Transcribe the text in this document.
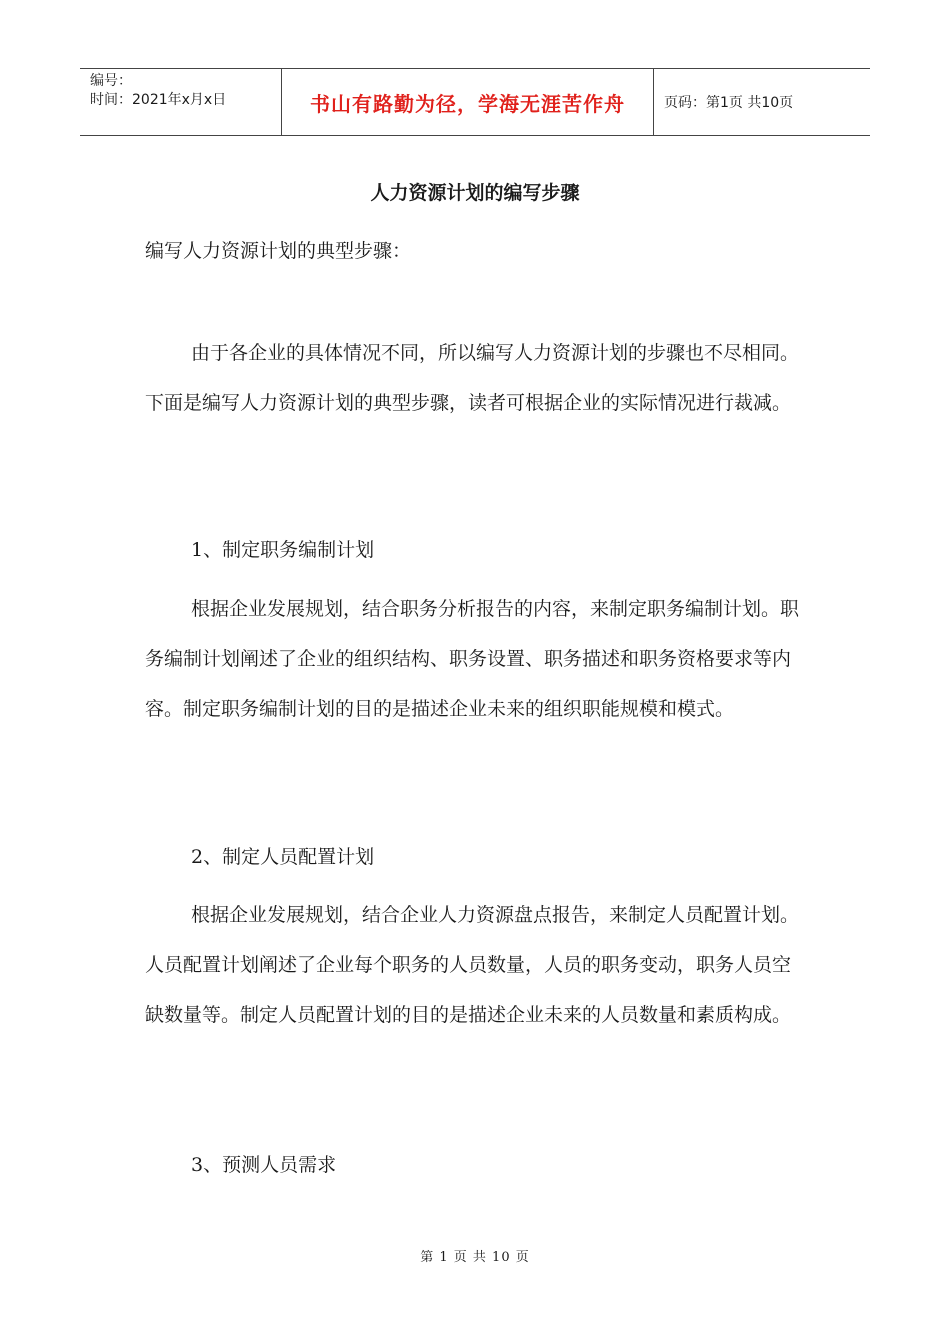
编号：
时间：2021年x月x日	书山有路勤为径，学海无涯苦作舟	页码：第1页 共10页
人力资源计划的编写步骤

编写人力资源计划的典型步骤：

由于各企业的具体情况不同，所以编写人力资源计划的步骤也不尽相同。下面是编写人力资源计划的典型步骤，读者可根据企业的实际情况进行裁减。

1、制定职务编制计划

根据企业发展规划，结合职务分析报告的内容，来制定职务编制计划。职务编制计划阐述了企业的组织结构、职务设置、职务描述和职务资格要求等内容。制定职务编制计划的目的是描述企业未来的组织职能规模和模式。

2、制定人员配置计划

根据企业发展规划，结合企业人力资源盘点报告，来制定人员配置计划。人员配置计划阐述了企业每个职务的人员数量，人员的职务变动，职务人员空缺数量等。制定人员配置计划的目的是描述企业未来的人员数量和素质构成。

3、预测人员需求

第 1 页 共 10 页
